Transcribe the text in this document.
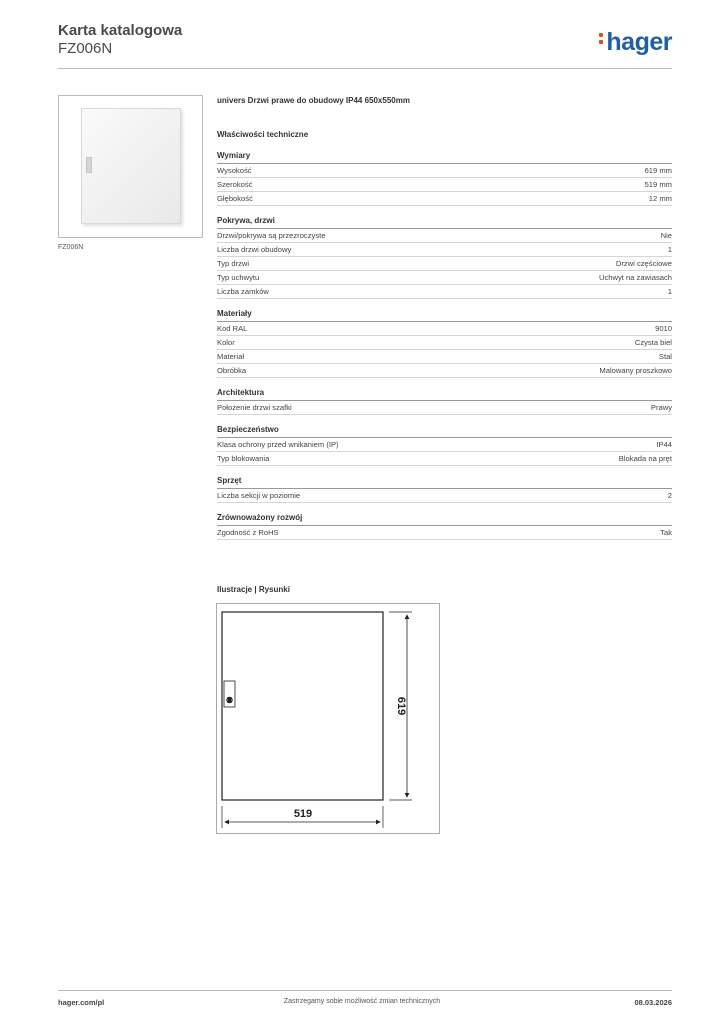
Karta katalogowa
FZ006N	hager
FZ006N
univers Drzwi prawe do obudowy IP44 650x550mm
Właściwości techniczne
Wymiary
Wysokość	619 mm
Szerokość	519 mm
Głębokość	12 mm
Pokrywa, drzwi
Drzwi/pokrywa są przezroczyste	Nie
Liczba drzwi obudowy	1
Typ drzwi	Drzwi częściowe
Typ uchwytu	Uchwyt na zawiasach
Liczba zamków	1
Materiały
Kod RAL	9010
Kolor	Czysta biel
Materiał	Stal
Obróbka	Malowany proszkowo
Architektura
Położenie drzwi szafki	Prawy
Bezpieczeństwo
Klasa ochrony przed wnikaniem (IP)	IP44
Typ blokowania	Blokada na pręt
Sprzęt
Liczba sekcji w poziomie	2
Zrównoważony rozwój
Zgodność z RoHS	Tak
Ilustracje | Rysunki
619
519
hager.com/pl	Zastrzegamy sobie możliwość zmian technicznych	08.03.2026
